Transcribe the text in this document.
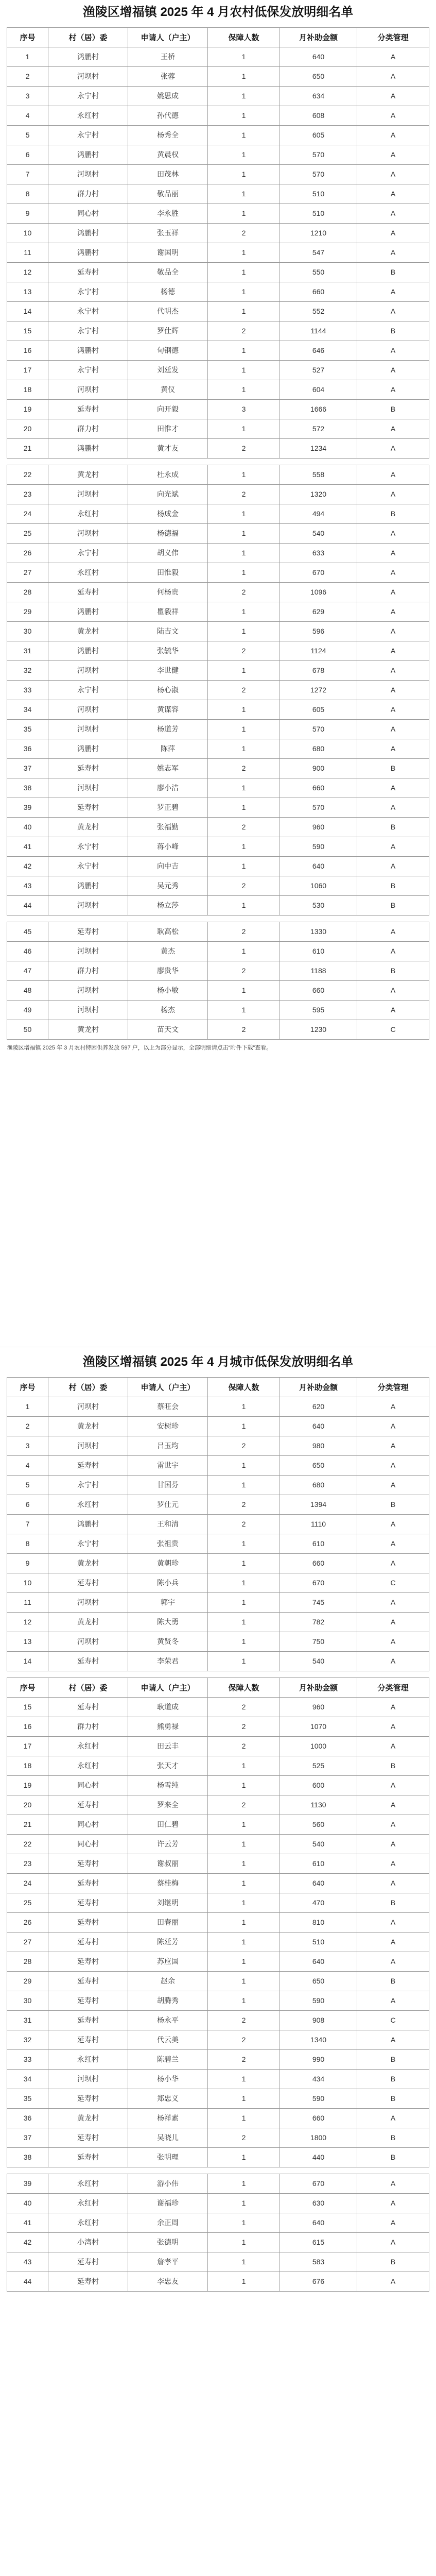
渔陵区增福镇 2025 年 4 月农村低保发放明细名单
序号	村（居）委	申请人（户主）	保障人数	月补助金额	分类管理
1	鸿鹏村	王桥	1	640	A
2	河坝村	张蓉	1	650	A
3	永宁村	姚思成	1	634	A
4	永红村	孙代德	1	608	A
5	永宁村	杨秀全	1	605	A
6	鸿鹏村	黄晨权	1	570	A
7	河坝村	田茂林	1	570	A
8	群力村	敬品丽	1	510	A
9	同心村	李永胜	1	510	A
10	鸿鹏村	张玉祥	2	1210	A
11	鸿鹏村	谢国明	1	547	A
12	延寿村	敬品全	1	550	B
13	永宁村	杨德	1	660	A
14	永宁村	代明杰	1	552	A
15	永宁村	罗仕辉	2	1144	B
16	鸿鹏村	旬钢德	1	646	A
17	永宁村	刘廷发	1	527	A
18	河坝村	黄仪	1	604	A
19	延寿村	向开毅	3	1666	B
20	群力村	田惟才	1	572	A
21	鸿鹏村	黄才友	2	1234	A

22	黄龙村	杜永成	1	558	A
23	河坝村	向光斌	2	1320	A
24	永红村	杨成金	1	494	B
25	河坝村	杨德福	1	540	A
26	永宁村	胡义伟	1	633	A
27	永红村	田惟毅	1	670	A
28	延寿村	何杨贵	2	1096	A
29	鸿鹏村	瞿毅祥	1	629	A
30	黄龙村	陆吉文	1	596	A
31	鸿鹏村	张毓华	2	1124	A
32	河坝村	李世健	1	678	A
33	永宁村	杨心淑	2	1272	A
34	河坝村	黄谋容	1	605	A
35	河坝村	杨道芳	1	570	A
36	鸿鹏村	陈萍	1	680	A
37	延寿村	姚志军	2	900	B
38	河坝村	廖小洁	1	660	A
39	延寿村	罗正碧	1	570	A
40	黄龙村	张福勤	2	960	B
41	永宁村	蒋小峰	1	590	A
42	永宁村	向中吉	1	640	A
43	鸿鹏村	吴元秀	2	1060	B
44	河坝村	杨立莎	1	530	B

45	延寿村	耿高松	2	1330	A
46	河坝村	黄杰	1	610	A
47	群力村	廖贵华	2	1188	B
48	河坝村	杨小敏	1	660	A
49	河坝村	杨杰	1	595	A
50	黄龙村	苗天文	2	1230	C
渔陵区增福镇 2025 年 3 月农村特困供养发放 597 户，以上为部分显示，全部明细请点击“附件下载”查看。
渔陵区增福镇 2025 年 4 月城市低保发放明细名单
序号	村（居）委	申请人（户主）	保障人数	月补助金额	分类管理
1	河坝村	蔡旺会	1	620	A
2	黄龙村	安树珍	1	640	A
3	河坝村	吕玉均	2	980	A
4	延寿村	雷世宇	1	650	A
5	永宁村	甘国芬	1	680	A
6	永红村	罗仕元	2	1394	B
7	鸿鹏村	王和清	2	1110	A
8	永宁村	张祖贵	1	610	A
9	黄龙村	黄朝珍	1	660	A
10	延寿村	陈小兵	1	670	C
11	河坝村	郭宇	1	745	A
12	黄龙村	陈大勇	1	782	A
13	河坝村	黄贤冬	1	750	A
14	延寿村	李荣君	1	540	A

序号	村（居）委	申请人（户主）	保障人数	月补助金额	分类管理
15	延寿村	耿道成	2	960	A
16	群力村	熊勇禄	2	1070	A
17	永红村	田云丰	2	1000	A
18	永红村	张天才	1	525	B
19	同心村	杨雪纯	1	600	A
20	延寿村	罗来全	2	1130	A
21	同心村	田仁碧	1	560	A
22	同心村	许云芳	1	540	A
23	延寿村	谢叔丽	1	610	A
24	延寿村	蔡桂梅	1	640	A
25	延寿村	刘继明	1	470	B
26	延寿村	田春丽	1	810	A
27	延寿村	陈廷芳	1	510	A
28	延寿村	苏应国	1	640	A
29	延寿村	赵余	1	650	B
30	延寿村	胡腾秀	1	590	A
31	延寿村	杨永平	2	908	C
32	延寿村	代云美	2	1340	A
33	永红村	陈碧兰	2	990	B
34	河坝村	杨小华	1	434	B
35	延寿村	郑忠义	1	590	B
36	黄龙村	杨祥素	1	660	A
37	延寿村	吴晓儿	2	1800	B
38	延寿村	张明理	1	440	B

39	永红村	游小伟	1	670	A
40	永红村	谢福珍	1	630	A
41	永红村	余正周	1	640	A
42	小湾村	张德明	1	615	A
43	延寿村	詹孝平	1	583	B
44	延寿村	李忠友	1	676	A
